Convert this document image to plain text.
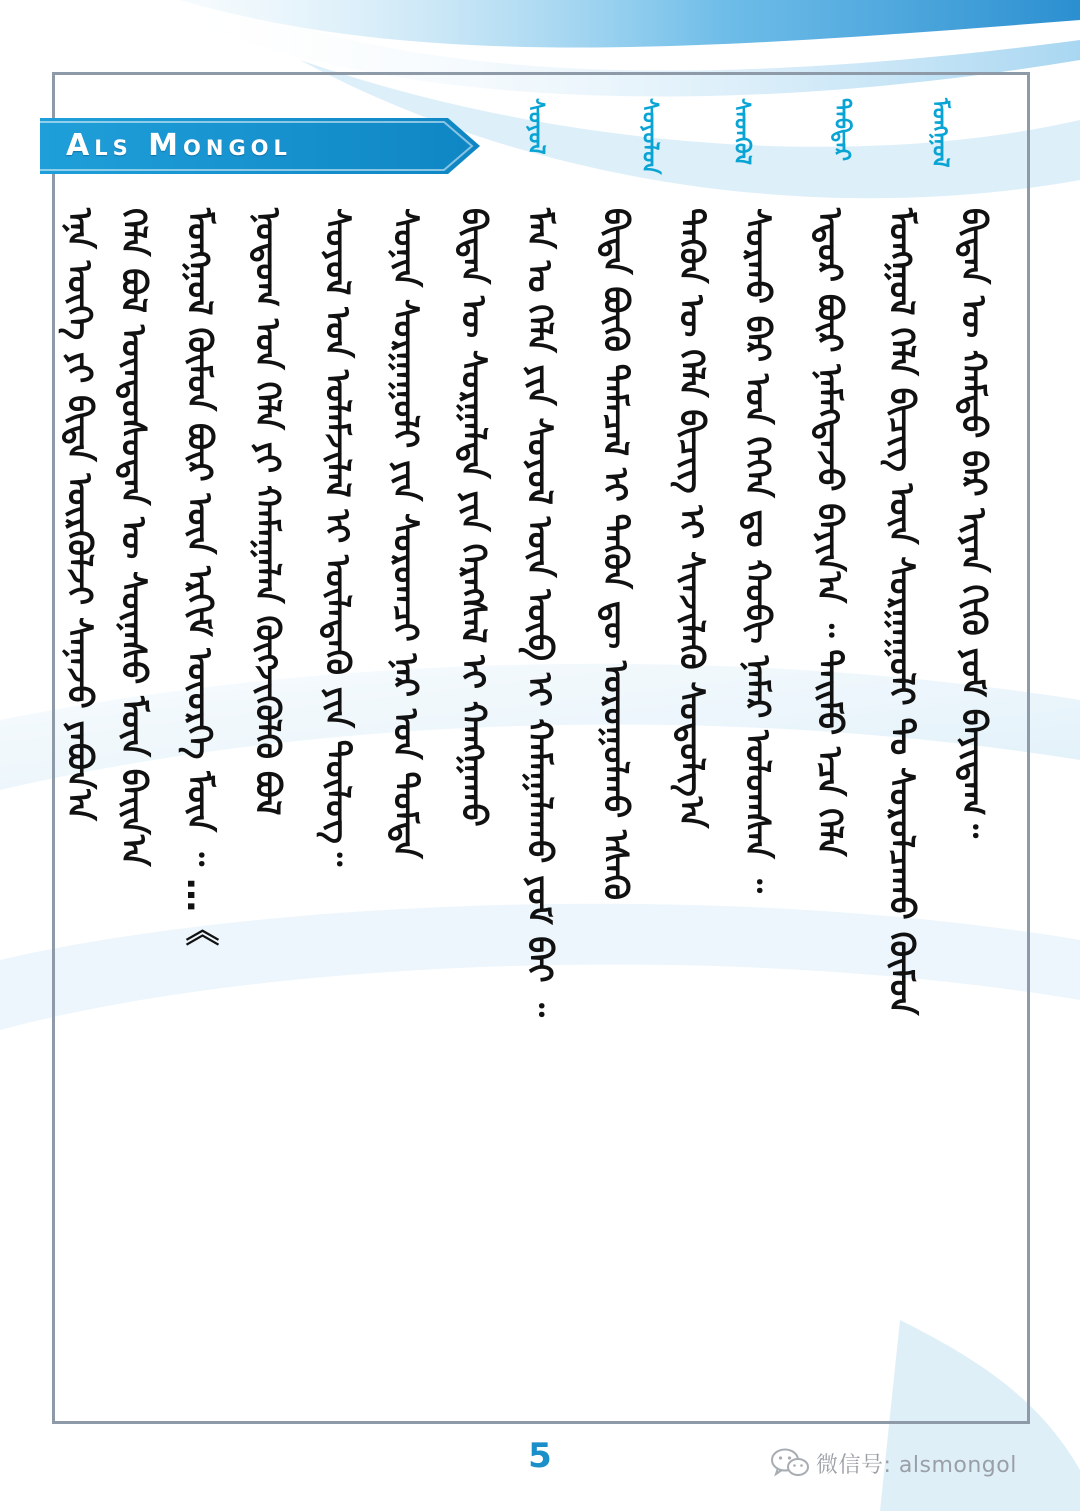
Als Mongol	ᠰᠣᠶᠣᠯ	ᠰᠣᠶᠣᠯᠤᠨ	ᠰᠡᠳᠬᠦᠯ	ᠳᠡᠪᠲᠡᠷ	ᠮᠣᠩᠭᠣᠯ
ᠪᠢᠳᠡᠨ ᠦ ᠬᠠᠮᠲᠤ ᠪᠡᠷ ᠢᠶᠡᠨ ᠬᠢᠬᠦ ᠶᠤᠮ ᠪᠠᠶᠢᠳᠠᠭ᠃
ᠮᠣᠩᠭᠣᠯ ᠬᠡᠯᠡ ᠪᠢᠴᠢᠭ ᠦᠨ ᠰᠤᠷᠭᠠᠭᠤᠯᠢ ᠲᠤ ᠰᠤᠷᠤᠯᠴᠠᠬᠤ ᠬᠦᠮᠦᠨ
ᠡᠳᠦᠷ ᠪᠦᠷ ᠨᠡᠮᠡᠭᠳᠡᠵᠦ ᠪᠠᠶᠢᠨ᠎ᠠ ᠃ ᠲᠡᠢᠮᠦ ᠡᠴᠡ ᠬᠡᠯᠡ
ᠰᠤᠷᠬᠤ ᠪᠡᠷ ᠤᠨ ᠭᠡᠭᠡᠨ ᠳᠤ ᠬᠣᠪᠢ ᠨᠡᠮᠡᠷ ᠤᠯᠤᠭᠰᠠᠨ ᠃
ᠲᠡᠭᠦᠨ ᠦ ᠬᠡᠯᠡ ᠪᠢᠴᠢᠭ ᠢ ᠰᠢᠨᠵᠢᠯᠡᠬᠦ ᠰᠤᠳᠤᠯᠭ᠎ᠠ
ᠪᠢᠳᠡ ᠪᠦᠬᠦ ᠲᠡᠮᠡᠴᠡᠯ ᠢ ᠲᠡᠭᠦᠨ ᠳᠦ ᠣᠷᠣᠭᠤᠯᠬᠤ ᠡᠰᠡᠬᠦ
ᠮᠠᠨ ᠤ ᠬᠡᠯᠡ ᠶᠢᠨ ᠰᠣᠶᠣᠯ ᠦᠨ ᠦᠪ ᠢ ᠬᠠᠮᠠᠭᠠᠯᠠᠬᠤ ᠶᠤᠮ ᠪᠠᠢ ᠃
ᠪᠢᠳᠡᠨ ᠦ ᠰᠤᠷᠭᠠᠯᠲᠠ ᠶᠢᠨ ᠬᠡᠷᠡᠭᠰᠡᠯ ᠢ ᠬᠠᠩᠭᠠᠬᠤ
ᠰᠣᠨᠢᠨ ᠰᠤᠷᠭᠠᠭᠤᠯᠢ ᠶᠢᠨ ᠰᠤᠷᠤᠭᠴᠢ ᠨᠠᠷ ᠤᠨ ᠳᠤᠮᠳᠠ
ᠰᠣᠶᠣᠯ ᠤᠨ ᠤᠯᠠᠮᠵᠢᠯᠠᠯ ᠢ ᠦᠯᠡᠳᠡᠬᠦ ᠶᠢᠨ ᠲᠥᠯᠦᠭ᠃
ᠨᠤᠲᠤᠭ ᠤᠨ ᠬᠡᠯᠡ ᠶᠢ ᠬᠠᠮᠠᠭᠠᠯᠠᠨ ᠬᠥᠭᠵᠢᠭᠦᠯᠬᠦ ᠪᠣᠯ
ᠮᠣᠩᠭᠣᠯ ᠬᠦᠮᠦᠨ ᠪᠦᠷ ᠦᠨ ᠡᠷᠬᠢᠮ ᠦᠦᠷᠭᠡ ᠮᠥᠨ ᠃ …《
ᠬᠡᠯᠡ ᠪᠤᠯ ᠦᠨᠳᠦᠰᠦᠲᠡᠨ ᠦ ᠰᠦᠨᠡᠰᠦ ᠮᠥᠨ ᠪᠠᠢᠨ᠎ᠠ
ᠡᠨᠡ ᠦᠭᠡ ᠶᠢ ᠪᠢᠳᠡ ᠦᠷᠬᠦᠯᠵᠢ ᠰᠠᠨᠠᠵᠤ ᠶᠠᠪᠤᠨ᠎ᠠ
5	微信号: alsmongol
